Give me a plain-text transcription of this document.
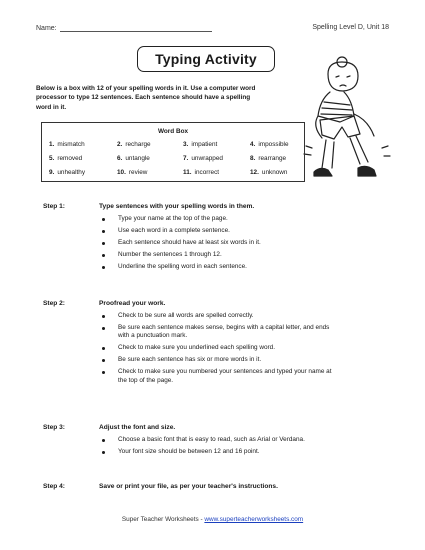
Name:	Spelling Level D, Unit 18
Typing Activity
Below is a box with 12 of your spelling words in it. Use a computer word processor to type 12 sentences. Each sentence should have a spelling word in it.
Word Box
1. mismatch	2. recharge	3. impatient	4. impossible
5. removed	6. untangle	7. unwrapped	8. rearrange
9. unhealthy	10. review	11. incorrect	12. unknown
Step 1:	Type sentences with your spelling words in them.
Type your name at the top of the page.
Use each word in a complete sentence.
Each sentence should have at least six words in it.
Number the sentences 1 through 12.
Underline the spelling word in each sentence.
Step 2:	Proofread your work.
Check to be sure all words are spelled correctly.
Be sure each sentence makes sense, begins with a capital letter, and ends with a punctuation mark.
Check to make sure you underlined each spelling word.
Be sure each sentence has six or more words in it.
Check to make sure you numbered your sentences and typed your name at the top of the page.
Step 3:	Adjust the font and size.
Choose a basic font that is easy to read, such as Arial or Verdana.
Your font size should be between 12 and 16 point.
Step 4:	Save or print your file, as per your teacher's instructions.
Super Teacher Worksheets - www.superteacherworksheets.com
